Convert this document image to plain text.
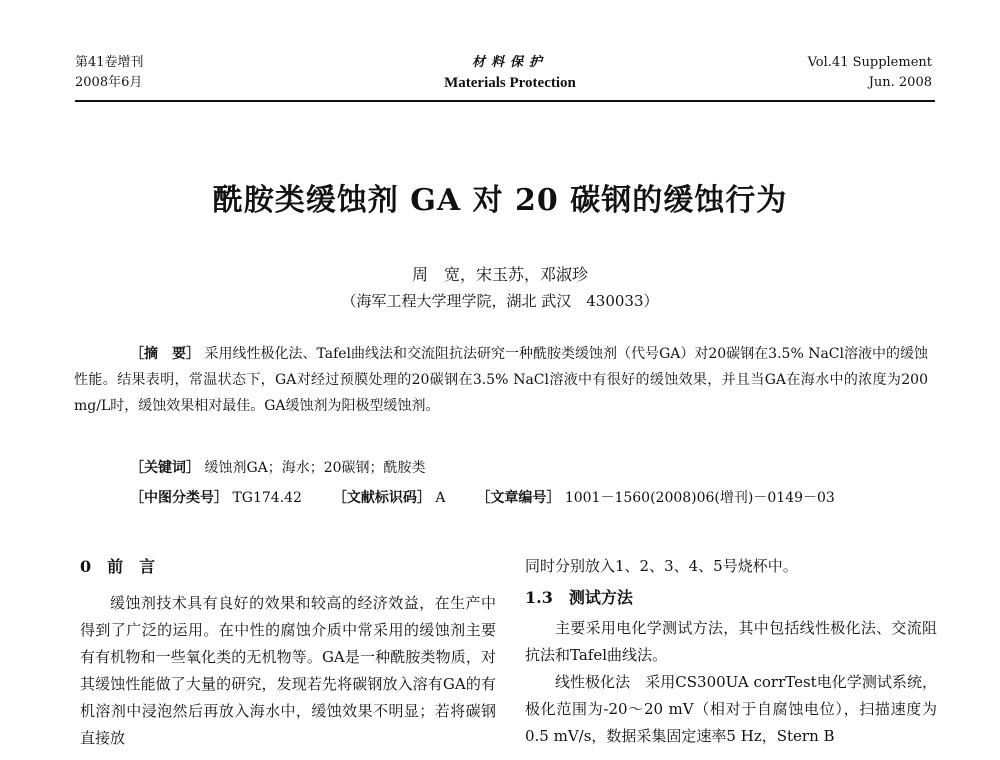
第41卷增刊
2008年6月
材料保护
Materials Protection
Vol.41 Supplement
Jun. 2008
酰胺类缓蚀剂 GA 对 20 碳钢的缓蚀行为
周　宽，宋玉苏，邓淑珍
（海军工程大学理学院，湖北 武汉　430033）
［摘　要］ 采用线性极化法、Tafel曲线法和交流阻抗法研究一种酰胺类缓蚀剂（代号GA）对20碳钢在3.5% NaCl溶液中的缓蚀性能。结果表明，常温状态下，GA对经过预膜处理的20碳钢在3.5% NaCl溶液中有很好的缓蚀效果，并且当GA在海水中的浓度为200 mg/L时，缓蚀效果相对最佳。GA缓蚀剂为阳极型缓蚀剂。
［关键词］ 缓蚀剂GA；海水；20碳钢；酰胺类
［中图分类号］ TG174.42 ［文献标识码］ A ［文章编号］ 1001－1560(2008)06(增刊)－0149－03
0　前　言
缓蚀剂技术具有良好的效果和较高的经济效益，在生产中得到了广泛的运用。在中性的腐蚀介质中常采用的缓蚀剂主要有有机物和一些氧化类的无机物等。GA是一种酰胺类物质，对其缓蚀性能做了大量的研究，发现若先将碳钢放入溶有GA的有机溶剂中浸泡然后再放入海水中，缓蚀效果不明显；若将碳钢直接放
同时分别放入1、2、3、4、5号烧杯中。
1.3　测试方法
主要采用电化学测试方法，其中包括线性极化法、交流阻抗法和Tafel曲线法。
线性极化法　采用CS300UA corrTest电化学测试系统，极化范围为-20～20 mV（相对于自腐蚀电位），扫描速度为0.5 mV/s，数据采集固定速率5 Hz，Stern B
